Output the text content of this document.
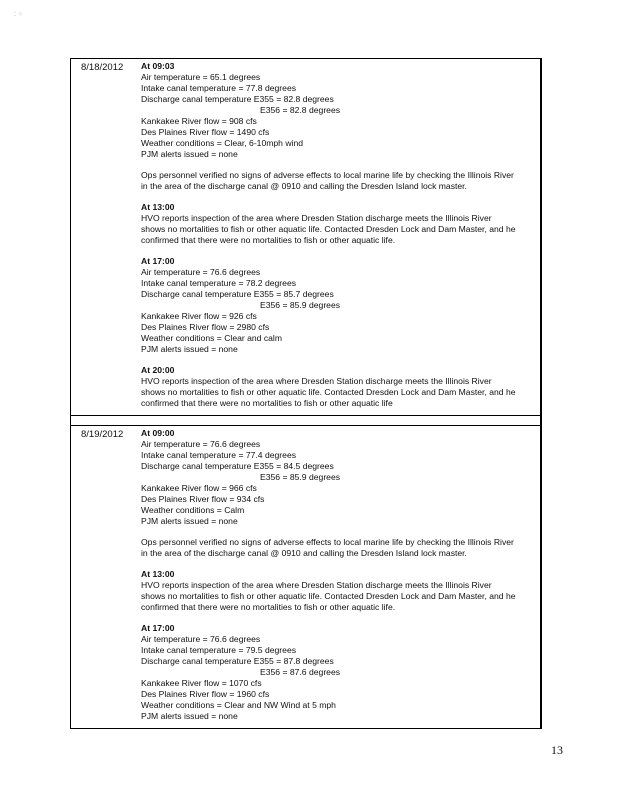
⁚ ⁘
8/18/2012 At 09:03
Air temperature = 65.1 degrees
Intake canal temperature = 77.8 degrees
Discharge canal temperature E355 = 82.8 degrees
E356 = 82.8 degrees
Kankakee River flow = 908 cfs
Des Plaines River flow = 1490 cfs
Weather conditions = Clear, 6-10mph wind
PJM alerts issued = none
Ops personnel verified no signs of adverse effects to local marine life by checking the Illinois River
in the area of the discharge canal @ 0910 and calling the Dresden Island lock master.
At 13:00
HVO reports inspection of the area where Dresden Station discharge meets the Illinois River
shows no mortalities to fish or other aquatic life. Contacted Dresden Lock and Dam Master, and he
confirmed that there were no mortalities to fish or other aquatic life.
At 17:00
Air temperature = 76.6 degrees
Intake canal temperature = 78.2 degrees
Discharge canal temperature E355 = 85.7 degrees
E356 = 85.9 degrees
Kankakee River flow = 926 cfs
Des Plaines River flow = 2980 cfs
Weather conditions = Clear and calm
PJM alerts issued = none
At 20:00
HVO reports inspection of the area where Dresden Station discharge meets the Illinois River
shows no mortalities to fish or other aquatic life. Contacted Dresden Lock and Dam Master, and he
confirmed that there were no mortalities to fish or other aquatic life
8/19/2012 At 09:00
Air temperature = 76.6 degrees
Intake canal temperature = 77.4 degrees
Discharge canal temperature E355 = 84.5 degrees
E356 = 85.9 degrees
Kankakee River flow = 966 cfs
Des Plaines River flow = 934 cfs
Weather conditions = Calm
PJM alerts issued = none
Ops personnel verified no signs of adverse effects to local marine life by checking the Illinois River
in the area of the discharge canal @ 0910 and calling the Dresden Island lock master.
At 13:00
HVO reports inspection of the area where Dresden Station discharge meets the Illinois River
shows no mortalities to fish or other aquatic life. Contacted Dresden Lock and Dam Master, and he
confirmed that there were no mortalities to fish or other aquatic life.
At 17:00
Air temperature = 76.6 degrees
Intake canal temperature = 79.5 degrees
Discharge canal temperature E355 = 87.8 degrees
E356 = 87.6 degrees
Kankakee River flow = 1070 cfs
Des Plaines River flow = 1960 cfs
Weather conditions = Clear and NW Wind at 5 mph
PJM alerts issued = none
13
